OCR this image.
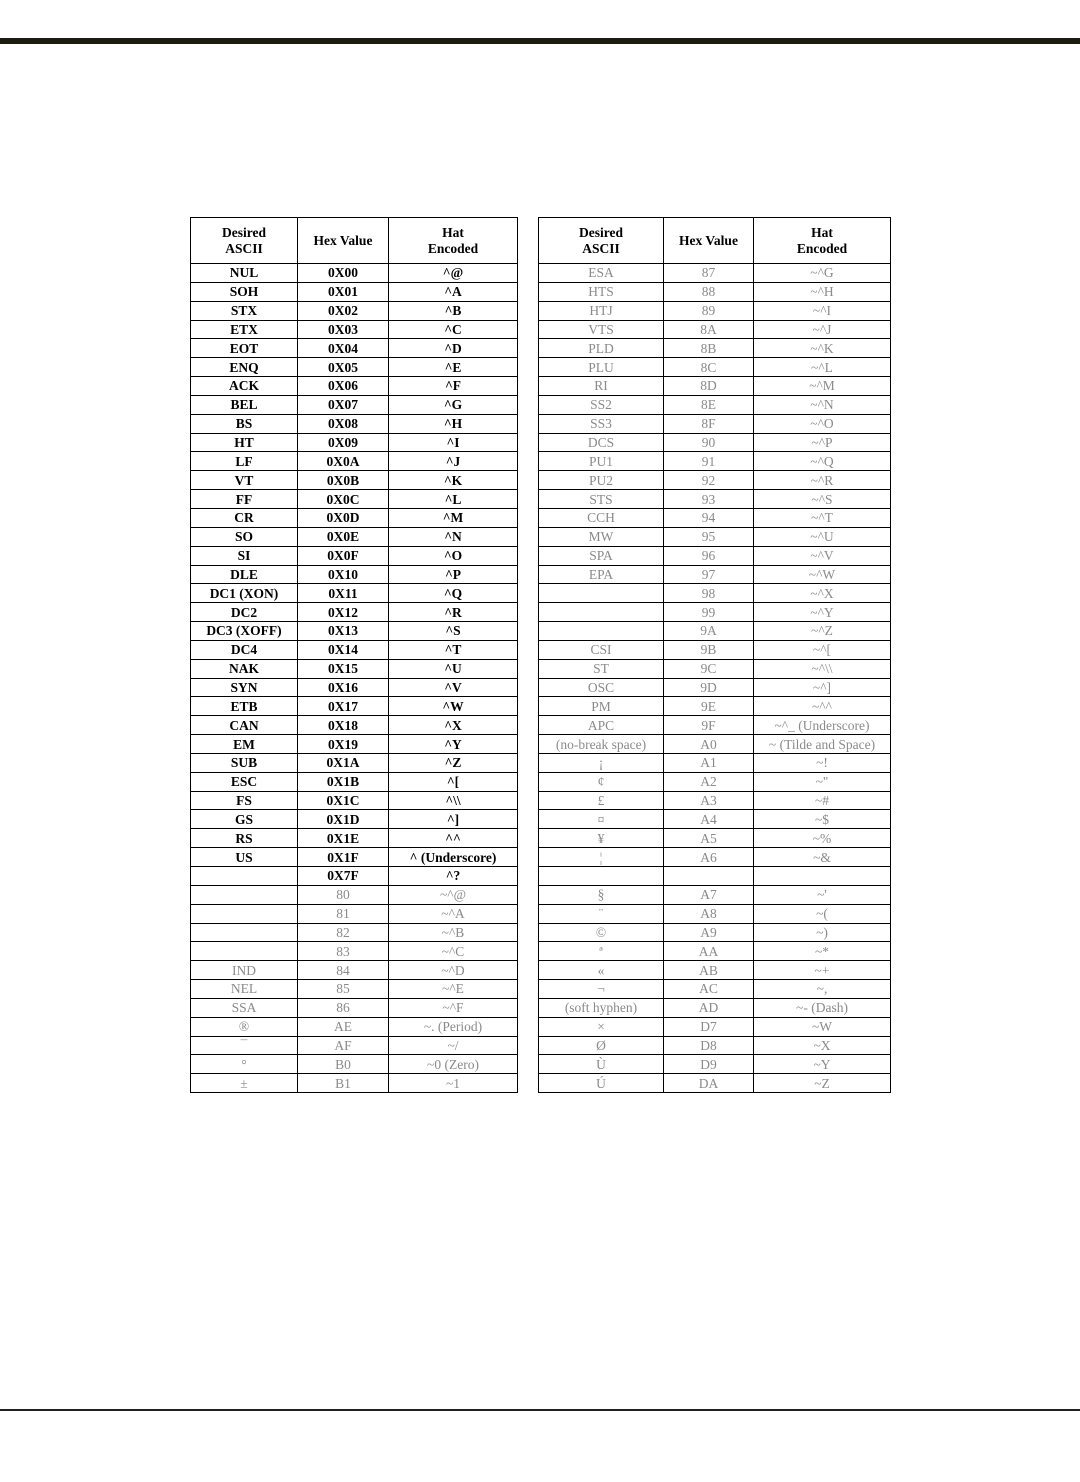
Desired
ASCII	Hex Value	Hat
Encoded
NUL	0X00	^@
SOH	0X01	^A
STX	0X02	^B
ETX	0X03	^C
EOT	0X04	^D
ENQ	0X05	^E
ACK	0X06	^F
BEL	0X07	^G
BS	0X08	^H
HT	0X09	^I
LF	0X0A	^J
VT	0X0B	^K
FF	0X0C	^L
CR	0X0D	^M
SO	0X0E	^N
SI	0X0F	^O
DLE	0X10	^P
DC1 (XON)	0X11	^Q
DC2	0X12	^R
DC3 (XOFF)	0X13	^S
DC4	0X14	^T
NAK	0X15	^U
SYN	0X16	^V
ETB	0X17	^W
CAN	0X18	^X
EM	0X19	^Y
SUB	0X1A	^Z
ESC	0X1B	^[
FS	0X1C	^\\
GS	0X1D	^]
RS	0X1E	^^
US	0X1F	^ (Underscore)
	0X7F	^?
	80	~^@
	81	~^A
	82	~^B
	83	~^C
IND	84	~^D
NEL	85	~^E
SSA	86	~^F
®	AE	~. (Period)
¯	AF	~/
°	B0	~0 (Zero)
±	B1	~1
Desired
ASCII	Hex Value	Hat
Encoded
ESA	87	~^G
HTS	88	~^H
HTJ	89	~^I
VTS	8A	~^J
PLD	8B	~^K
PLU	8C	~^L
RI	8D	~^M
SS2	8E	~^N
SS3	8F	~^O
DCS	90	~^P
PU1	91	~^Q
PU2	92	~^R
STS	93	~^S
CCH	94	~^T
MW	95	~^U
SPA	96	~^V
EPA	97	~^W
	98	~^X
	99	~^Y
	9A	~^Z
CSI	9B	~^[
ST	9C	~^\\
OSC	9D	~^]
PM	9E	~^^
APC	9F	~^_ (Underscore)
(no-break space)	A0	~ (Tilde and Space)
¡	A1	~!
¢	A2	~"
£	A3	~#
¤	A4	~$
¥	A5	~%
¦	A6	~&

§	A7	~'
¨	A8	~(
©	A9	~)
ª	AA	~*
«	AB	~+
¬	AC	~,
(soft hyphen)	AD	~- (Dash)
×	D7	~W
Ø	D8	~X
Ù	D9	~Y
Ú	DA	~Z
